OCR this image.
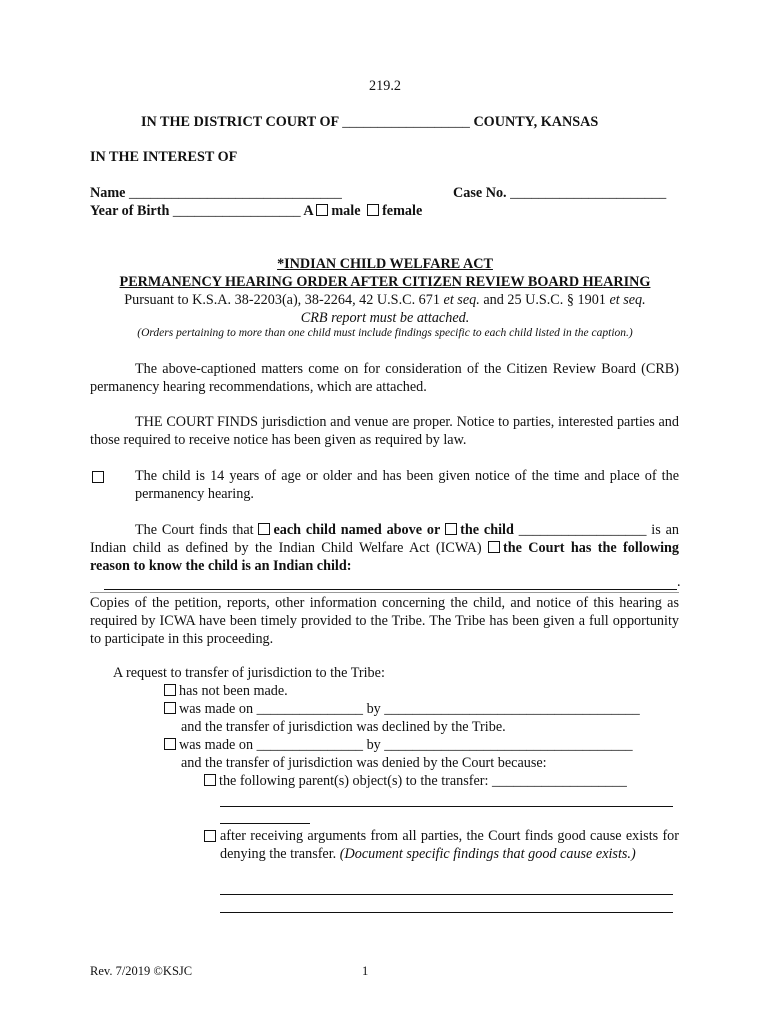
219.2
IN THE DISTRICT COURT OF __________________ COUNTY, KANSAS
IN THE INTEREST OF
Name ______________________________	Case No. ______________________
Year of Birth __________________ A male female
*INDIAN CHILD WELFARE ACT
PERMANENCY HEARING ORDER AFTER CITIZEN REVIEW BOARD HEARING
Pursuant to K.S.A. 38-2203(a), 38-2264, 42 U.S.C. 671 et seq. and 25 U.S.C. § 1901 et seq.
CRB report must be attached.
(Orders pertaining to more than one child must include findings specific to each child listed in the caption.)

The above-captioned matters come on for consideration of the Citizen Review Board (CRB) permanency hearing recommendations, which are attached.

THE COURT FINDS jurisdiction and venue are proper. Notice to parties, interested parties and those required to receive notice has been given as required by law.

The child is 14 years of age or older and has been given notice of the time and place of the permanency hearing.

The Court finds that each child named above or the child __________________ is an Indian child as defined by the Indian Child Welfare Act (ICWA) the Court has the following reason to know the child is an Indian child:
.

Copies of the petition, reports, other information concerning the child, and notice of this hearing as required by ICWA have been timely provided to the Tribe. The Tribe has been given a full opportunity to participate in this proceeding.

A request to transfer of jurisdiction to the Tribe:
has not been made.
was made on _______________ by ____________________________________
and the transfer of jurisdiction was declined by the Tribe.
was made on _______________ by ___________________________________
and the transfer of jurisdiction was denied by the Court because:
the following parent(s) object(s) to the transfer: ___________________

after receiving arguments from all parties, the Court finds good cause exists for denying the transfer. (Document specific findings that good cause exists.)

Rev. 7/2019 ©KSJC	1
